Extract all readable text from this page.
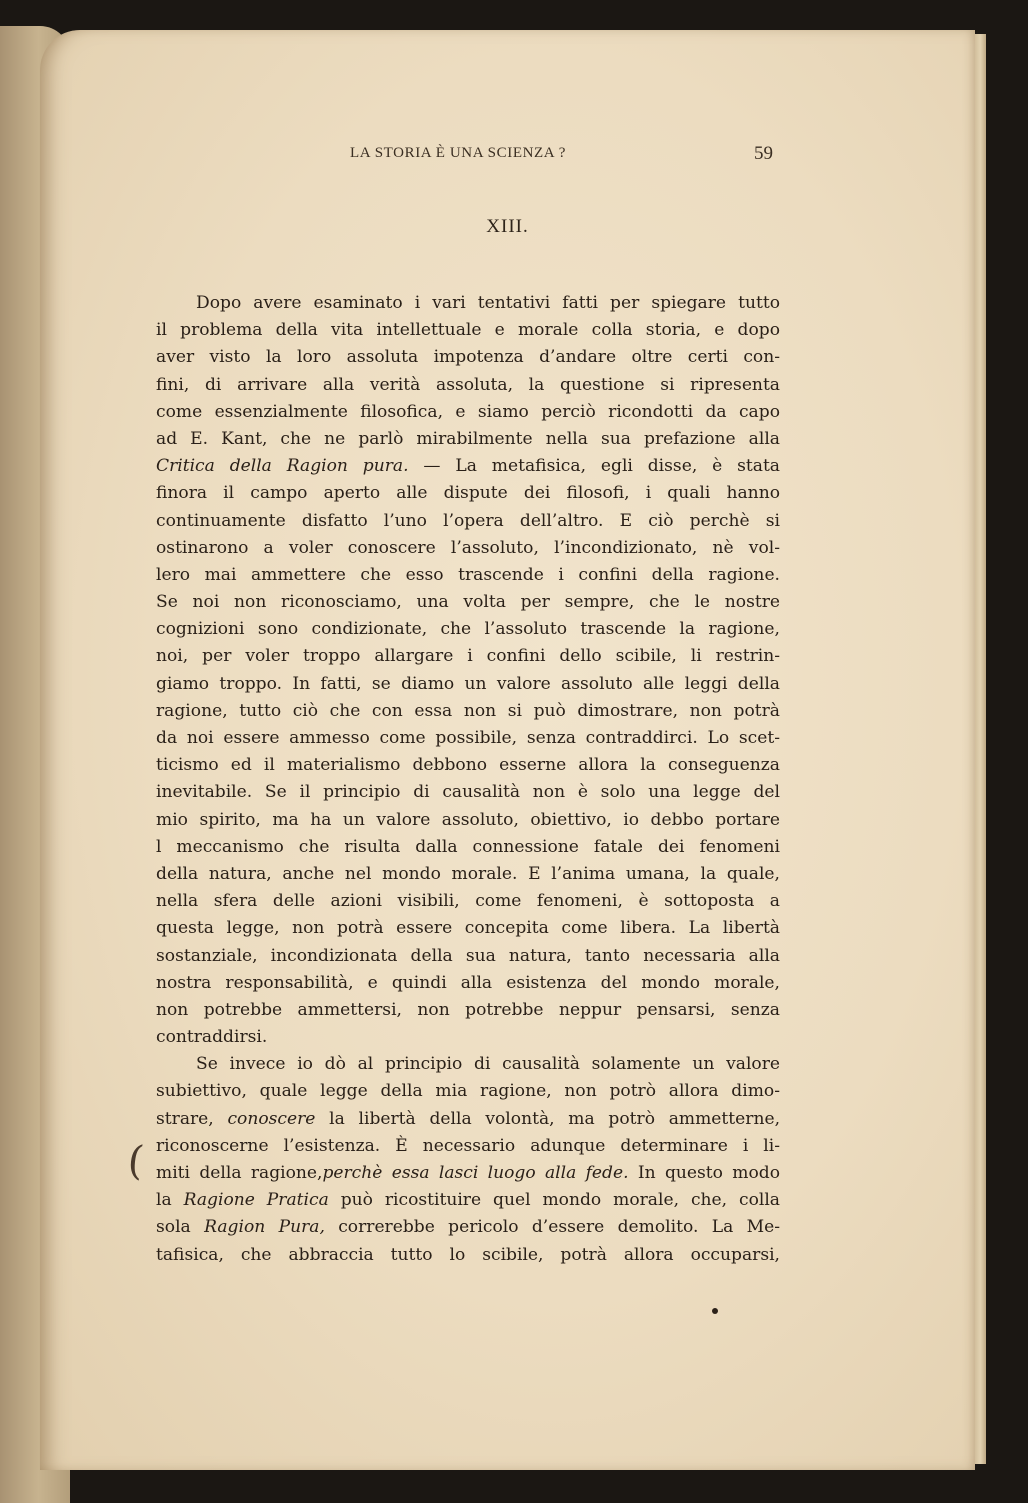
LA STORIA È UNA SCIENZA ?	59
XIII.
Dopo avere esaminato i vari tentativi fatti per spiegare tutto
il problema della vita intellettuale e morale colla storia, e dopo
aver visto la loro assoluta impotenza d’andare oltre certi con-
fini, di arrivare alla verità assoluta, la questione si ripresenta
come essenzialmente filosofica, e siamo perciò ricondotti da capo
ad E. Kant, che ne parlò mirabilmente nella sua prefazione alla
Critica della Ragion pura. — La metafisica, egli disse, è stata
finora il campo aperto alle dispute dei filosofi, i quali hanno
continuamente disfatto l’uno l’opera dell’altro. E ciò perchè si
ostinarono a voler conoscere l’assoluto, l’incondizionato, nè vol-
lero mai ammettere che esso trascende i confini della ragione.
Se noi non riconosciamo, una volta per sempre, che le nostre
cognizioni sono condizionate, che l’assoluto trascende la ragione,
noi, per voler troppo allargare i confini dello scibile, li restrin-
giamo troppo. In fatti, se diamo un valore assoluto alle leggi della
ragione, tutto ciò che con essa non si può dimostrare, non potrà
da noi essere ammesso come possibile, senza contraddirci. Lo scet-
ticismo ed il materialismo debbono esserne allora la conseguenza
inevitabile. Se il principio di causalità non è solo una legge del
mio spirito, ma ha un valore assoluto, obiettivo, io debbo portare
l meccanismo che risulta dalla connessione fatale dei fenomeni
della natura, anche nel mondo morale. E l’anima umana, la quale,
nella sfera delle azioni visibili, come fenomeni, è sottoposta a
questa legge, non potrà essere concepita come libera. La libertà
sostanziale, incondizionata della sua natura, tanto necessaria alla
nostra responsabilità, e quindi alla esistenza del mondo morale,
non potrebbe ammettersi, non potrebbe neppur pensarsi, senza
contraddirsi.
Se invece io dò al principio di causalità solamente un valore
subiettivo, quale legge della mia ragione, non potrò allora dimo-
strare, conoscere la libertà della volontà, ma potrò ammetterne,
riconoscerne l’esistenza. È necessario adunque determinare i li-
miti della ragione,perchè essa lasci luogo alla fede. In questo modo
la Ragione Pratica può ricostituire quel mondo morale, che, colla
sola Ragion Pura, correrebbe pericolo d’essere demolito. La Me-
tafisica, che abbraccia tutto lo scibile, potrà allora occuparsi,
(
